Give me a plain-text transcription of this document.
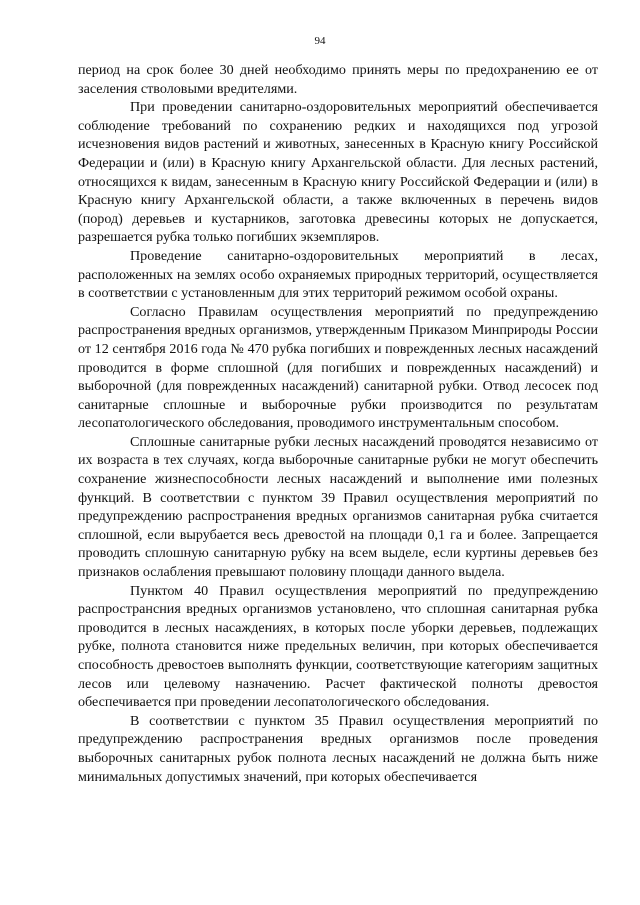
94

период на срок более 30 дней необходимо принять меры по предохранению ее от заселения стволовыми вредителями.

При проведении санитарно-оздоровительных мероприятий обеспечивается соблюдение требований по сохранению редких и находящихся под угрозой исчезновения видов растений и животных, занесенных в Красную книгу Российской Федерации и (или) в Красную книгу Архангельской области. Для лесных растений, относящихся к видам, занесенным в Красную книгу Российской Федерации и (или) в Красную книгу Архангельской области, а также включенных в перечень видов (пород) деревьев и кустарников, заготовка древесины которых не допускается, разрешается рубка только погибших экземпляров.

Проведение санитарно-оздоровительных мероприятий в лесах, расположенных на землях особо охраняемых природных территорий, осуществляется в соответствии с установленным для этих территорий режимом особой охраны.

Согласно Правилам осуществления мероприятий по предупреждению распространения вредных организмов, утвержденным Приказом Минприроды России от 12 сентября 2016 года № 470 рубка погибших и поврежденных лесных насаждений проводится в форме сплошной (для погибших и поврежденных насаждений) и выборочной (для поврежденных насаждений) санитарной рубки. Отвод лесосек под санитарные сплошные и выборочные рубки производится по результатам лесопатологического обследования, проводимого инструментальным способом.

Сплошные санитарные рубки лесных насаждений проводятся независимо от их возраста в тех случаях, когда выборочные санитарные рубки не могут обеспечить сохранение жизнеспособности лесных насаждений и выполнение ими полезных функций. В соответствии с пунктом 39 Правил осуществления мероприятий по предупреждению распространения вредных организмов санитарная рубка считается сплошной, если вырубается весь древостой на площади 0,1 га и более. Запрещается проводить сплошную санитарную рубку на всем выделе, если куртины деревьев без признаков ослабления превышают половину площади данного выдела.

Пунктом 40 Правил осуществления мероприятий по предупреждению распространсния вредных организмов установлено, что сплошная санитарная рубка проводится в лесных насаждениях, в которых после уборки деревьев, подлежащих рубке, полнота становится ниже предельных величин, при которых обеспечивается способность древостоев выполнять функции, соответствующие категориям защитных лесов или целевому назначению. Расчет фактической полноты древостоя обеспечивается при проведении лесопатологического обследования.

В соответствии с пунктом 35 Правил осуществления мероприятий по предупреждению распространения вредных организмов после проведения выборочных санитарных рубок полнота лесных насаждений не должна быть ниже минимальных допустимых значений, при которых обеспечивается
